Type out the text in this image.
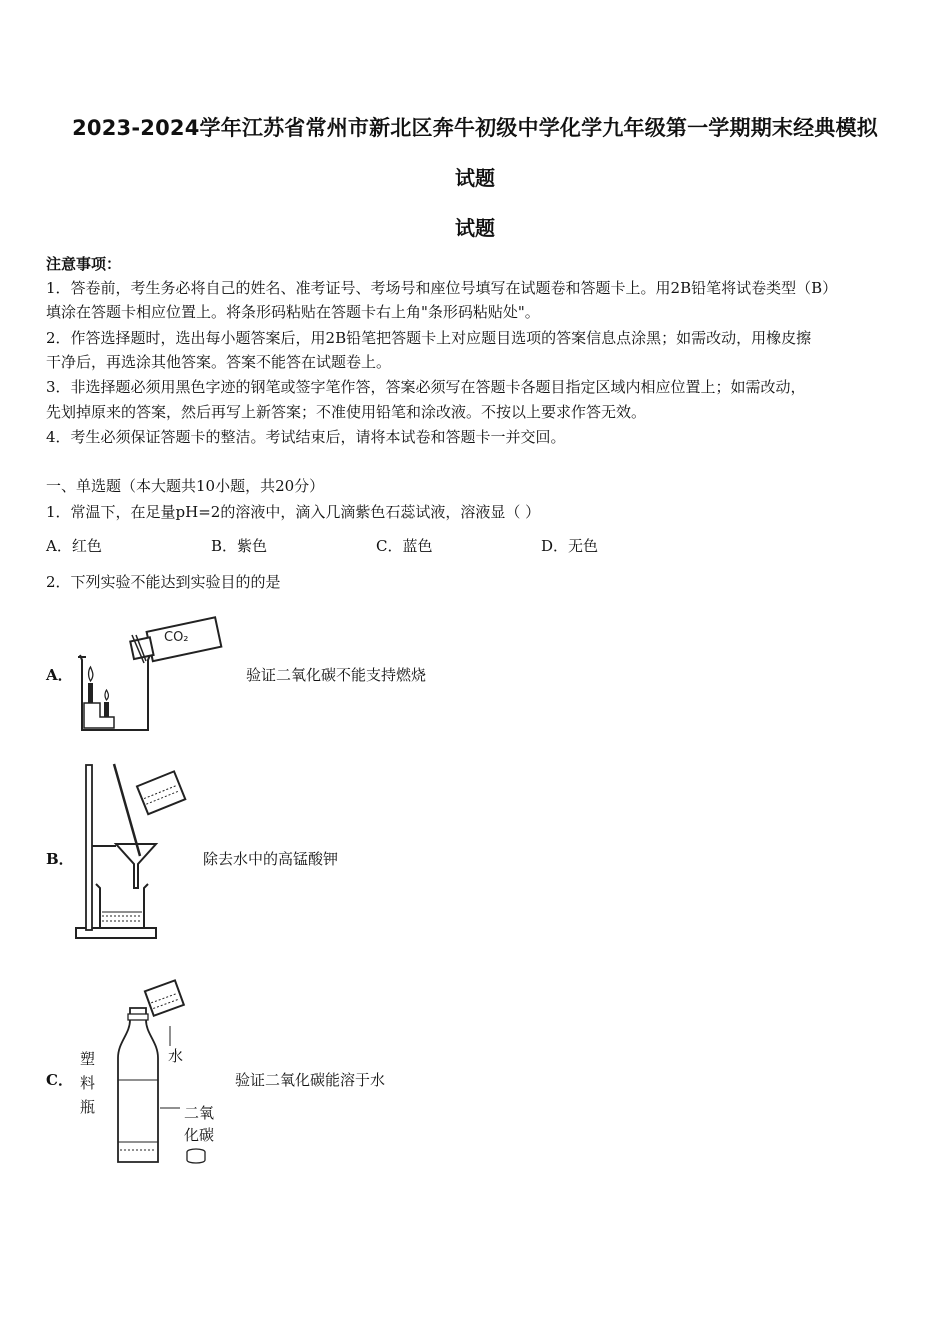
2023-2024学年江苏省常州市新北区奔牛初级中学化学九年级第一学期期末经典模拟
试题
试题
注意事项：
1．答卷前，考生务必将自己的姓名、准考证号、考场号和座位号填写在试题卷和答题卡上。用2B铅笔将试卷类型（B）
填涂在答题卡相应位置上。将条形码粘贴在答题卡右上角"条形码粘贴处"。
2．作答选择题时，选出每小题答案后，用2B铅笔把答题卡上对应题目选项的答案信息点涂黑；如需改动，用橡皮擦
干净后，再选涂其他答案。答案不能答在试题卷上。
3．非选择题必须用黑色字迹的钢笔或签字笔作答，答案必须写在答题卡各题目指定区域内相应位置上；如需改动，
先划掉原来的答案，然后再写上新答案；不准使用铅笔和涂改液。不按以上要求作答无效。
4．考生必须保证答题卡的整洁。考试结束后，请将本试卷和答题卡一并交回。
一、单选题（本大题共10小题，共20分）
1．常温下，在足量pH=2的溶液中，滴入几滴紫色石蕊试液，溶液显（ ）
A．红色	B．紫色	C．蓝色	D．无色
2．下列实验不能达到实验目的的是
A．
CO₂
验证二氧化碳不能支持燃烧
B．	除去水中的高锰酸钾
C．
塑
料
瓶
水
二氧
化碳
验证二氧化碳能溶于水
